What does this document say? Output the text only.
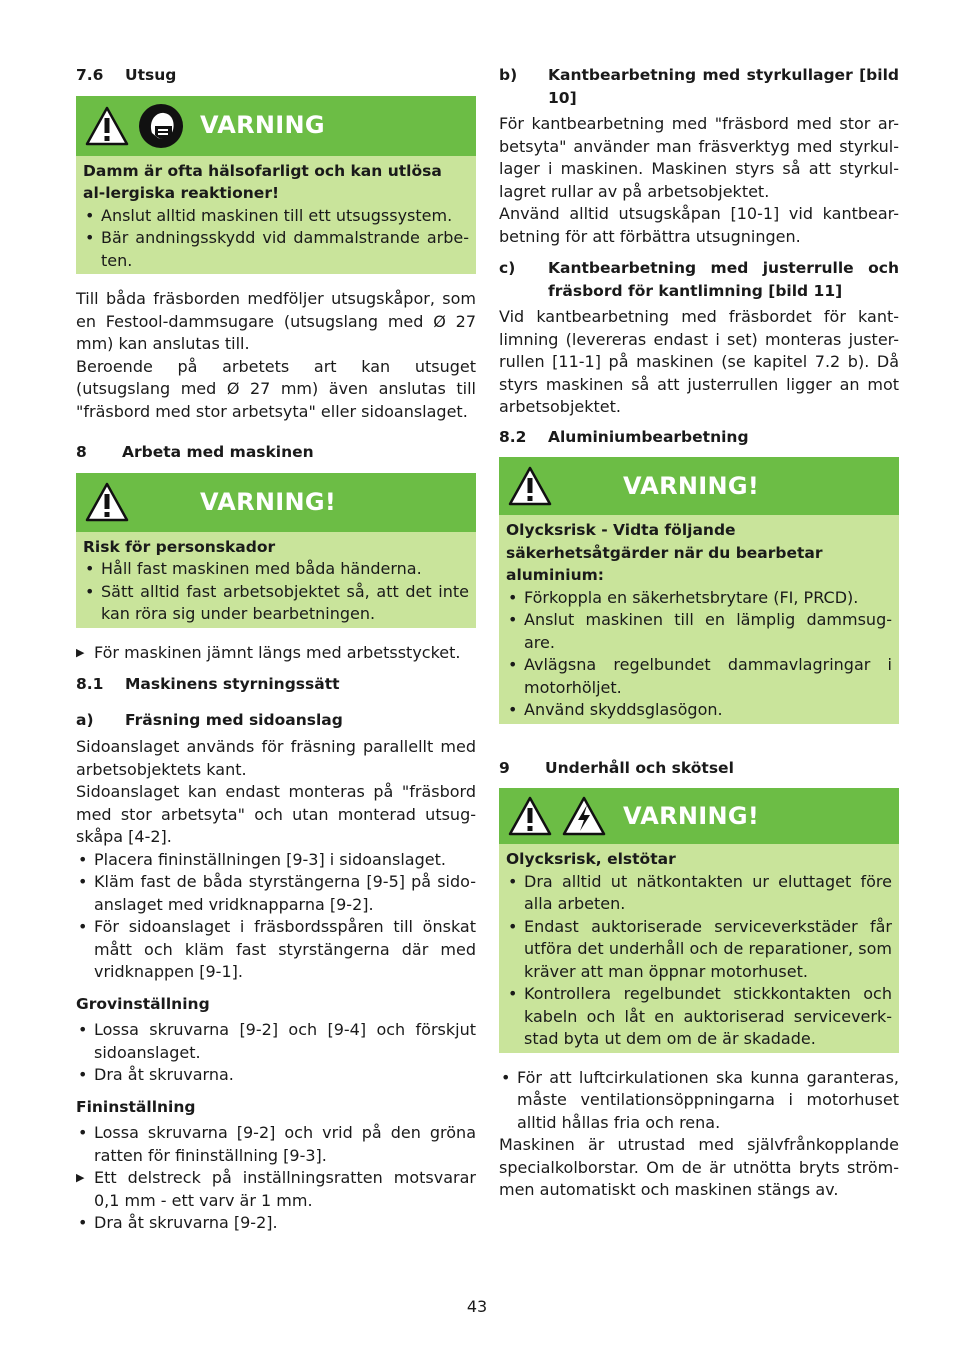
7.6	Utsug
VARNING

Damm är ofta hälsofarligt och kan utlösa al-lergiska reaktioner!

• Anslut alltid maskinen till ett utsugssystem.
• Bär andningsskydd vid dammalstrande arbe-ten.

Till båda fräsborden medföljer utsugskåpor, som en Festool-dammsugare (utsugslang med Ø 27 mm) kan anslutas till.

Beroende på arbetets art kan utsuget (utsugslang med Ø 27 mm) även anslutas till "fräsbord med stor arbetsyta" eller sidoanslaget.

8	Arbeta med maskinen
VARNING!

Risk för personskador

• Håll fast maskinen med båda händerna.
• Sätt alltid fast arbetsobjektet så, att det inte kan röra sig under bearbetningen.
▶ För maskinen jämnt längs med arbetsstycket.
8.1	Maskinens styrningssätt
a)	Fräsning med sidoanslag

Sidoanslaget används för fräsning parallellt med arbetsobjektets kant.

Sidoanslaget kan endast monteras på "fräsbord med stor arbetsyta" och utan monterad utsug-skåpa [4-2].

• Placera fininställningen [9-3] i sidoanslaget.
• Kläm fast de båda styrstängerna [9-5] på sido-anslaget med vridknapparna [9-2].
• För sidoanslaget i fräsbordsspåren till önskat mått och kläm fast styrstängerna där med vridknappen [9-1].
Grovinställning
• Lossa skruvarna [9-2] och [9-4] och förskjut sidoanslaget.
• Dra åt skruvarna.
Fininställning
• Lossa skruvarna [9-2] och vrid på den gröna ratten för fininställning [9-3].
▶ Ett delstreck på inställningsratten motsvarar 0,1 mm - ett varv är 1 mm.
• Dra åt skruvarna [9-2].
b)	Kantbearbetning med styrkullager [bild 10]

För kantbearbetning med "fräsbord med stor ar-betsyta" använder man fräsverktyg med styrkul-lager i maskinen. Maskinen styrs så att styrkul-lagret rullar av på arbetsobjektet.

Använd alltid utsugskåpan [10-1] vid kantbear-betning för att förbättra utsugningen.

c)	Kantbearbetning med justerrulle och fräsbord för kantlimning [bild 11]

Vid kantbearbetning med fräsbordet för kant-limning (levereras endast i set) monteras juster-rullen [11-1] på maskinen (se kapitel 7.2 b). Då styrs maskinen så att justerrullen ligger an mot arbetsobjektet.

8.2	Aluminiumbearbetning
VARNING!

Olycksrisk - Vidta följande säkerhetsåtgärder när du bearbetar aluminium:

• Förkoppla en säkerhetsbrytare (FI, PRCD).
• Anslut maskinen till en lämplig dammsug-are.
• Avlägsna regelbundet dammavlagringar i motorhöljet.
• Använd skyddsglasögon.
9	Underhåll och skötsel
VARNING!

Olycksrisk, elstötar

• Dra alltid ut nätkontakten ur eluttaget före alla arbeten.
• Endast auktoriserade serviceverkstäder får utföra det underhåll och de reparationer, som kräver att man öppnar motorhuset.
• Kontrollera regelbundet stickkontakten och kabeln och låt en auktoriserad serviceverk-stad byta ut dem om de är skadade.
• För att luftcirkulationen ska kunna garanteras, måste ventilationsöppningarna i motorhuset alltid hållas fria och rena.

Maskinen är utrustad med självfrånkopplande specialkolborstar. Om de är utnötta bryts ström-men automatiskt och maskinen stängs av.

43
